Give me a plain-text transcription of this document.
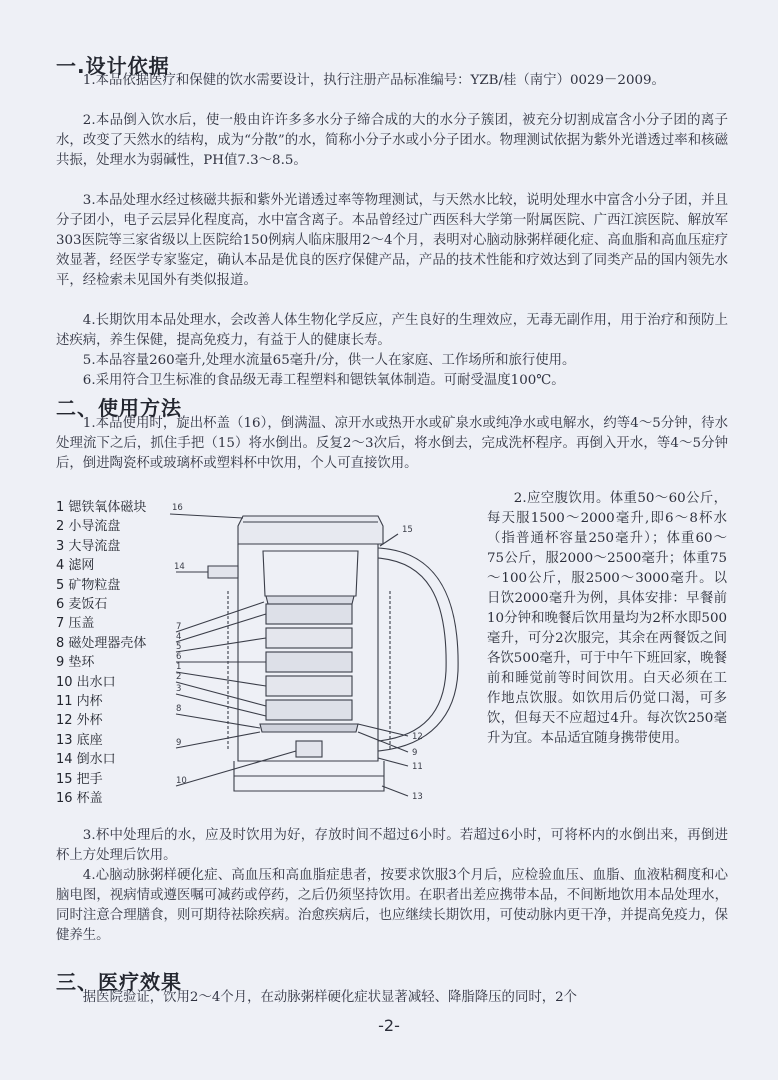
一.设计依据

1.本品依据医疗和保健的饮水需要设计，执行注册产品标准编号：YZB/桂（南宁）0029－2009。

2.本品倒入饮水后，使一般由许许多多水分子缔合成的大的水分子簇团，被充分切割成富含小分子团的离子水，改变了天然水的结构，成为“分散”的水，简称小分子水或小分子团水。物理测试依据为紫外光谱透过率和核磁共振，处理水为弱碱性，PH值7.3～8.5。

3.本品处理水经过核磁共振和紫外光谱透过率等物理测试，与天然水比较，说明处理水中富含小分子团，并且分子团小，电子云层异化程度高，水中富含离子。本品曾经过广西医科大学第一附属医院、广西江滨医院、解放军303医院等三家省级以上医院给150例病人临床服用2～4个月，表明对心脑动脉粥样硬化症、高血脂和高血压症疗效显著，经医学专家鉴定，确认本品是优良的医疗保健产品，产品的技术性能和疗效达到了同类产品的国内领先水平，经检索未见国外有类似报道。

4.长期饮用本品处理水，会改善人体生物化学反应，产生良好的生理效应，无毒无副作用，用于治疗和预防上述疾病，养生保健，提高免疫力，有益于人的健康长寿。

5.本品容量260毫升,处理水流量65毫升/分，供一人在家庭、工作场所和旅行使用。

6.采用符合卫生标准的食品级无毒工程塑料和锶铁氧体制造。可耐受温度100℃。

二、使用方法

1.本品使用时，旋出杯盖（16），倒满温、凉开水或热开水或矿泉水或纯净水或电解水，约等4～5分钟，待水处理流下之后，抓住手把（15）将水倒出。反复2～3次后，将水倒去，完成洗杯程序。再倒入开水，等4～5分钟后，倒进陶瓷杯或玻璃杯或塑料杯中饮用，个人可直接饮用。

1 锶铁氧体磁块
2 小导流盘
3 大导流盘
4 滤网
5 矿物粒盘
6 麦饭石
7 压盖
8 磁处理器壳体
9 垫环
10 出水口
11 内杯
12 外杯
13 底座
14 倒水口
15 把手
16 杯盖
16
15
14
7
4
5
6
1
2
3
8
9
10
12
9
11
13

2.应空腹饮用。体重50～60公斤，每天服1500～2000毫升,即6～8杯水（指普通杯容量250毫升）；体重60～75公斤，服2000～2500毫升；体重75～100公斤，服2500～3000毫升。以日饮2000毫升为例，具体安排：早餐前10分钟和晚餐后饮用量均为2杯水即500毫升，可分2次服完，其余在两餐饭之间各饮500毫升，可于中午下班回家，晚餐前和睡觉前等时间饮用。白天必须在工作地点饮服。如饮用后仍觉口渴，可多饮，但每天不应超过4升。每次饮250毫升为宜。本品适宜随身携带使用。

3.杯中处理后的水，应及时饮用为好，存放时间不超过6小时。若超过6小时，可将杯内的水倒出来，再倒进杯上方处理后饮用。

4.心脑动脉粥样硬化症、高血压和高血脂症患者，按要求饮服3个月后，应检验血压、血脂、血液粘稠度和心脑电图，视病情或遵医嘱可减药或停药，之后仍须坚持饮用。在职者出差应携带本品，不间断地饮用本品处理水，同时注意合理膳食，则可期待祛除疾病。治愈疾病后，也应继续长期饮用，可使动脉内更干净，并提高免疫力，保健养生。

三、医疗效果

据医院验证，饮用2～4个月，在动脉粥样硬化症状显著减轻、降脂降压的同时，2个

-2-
